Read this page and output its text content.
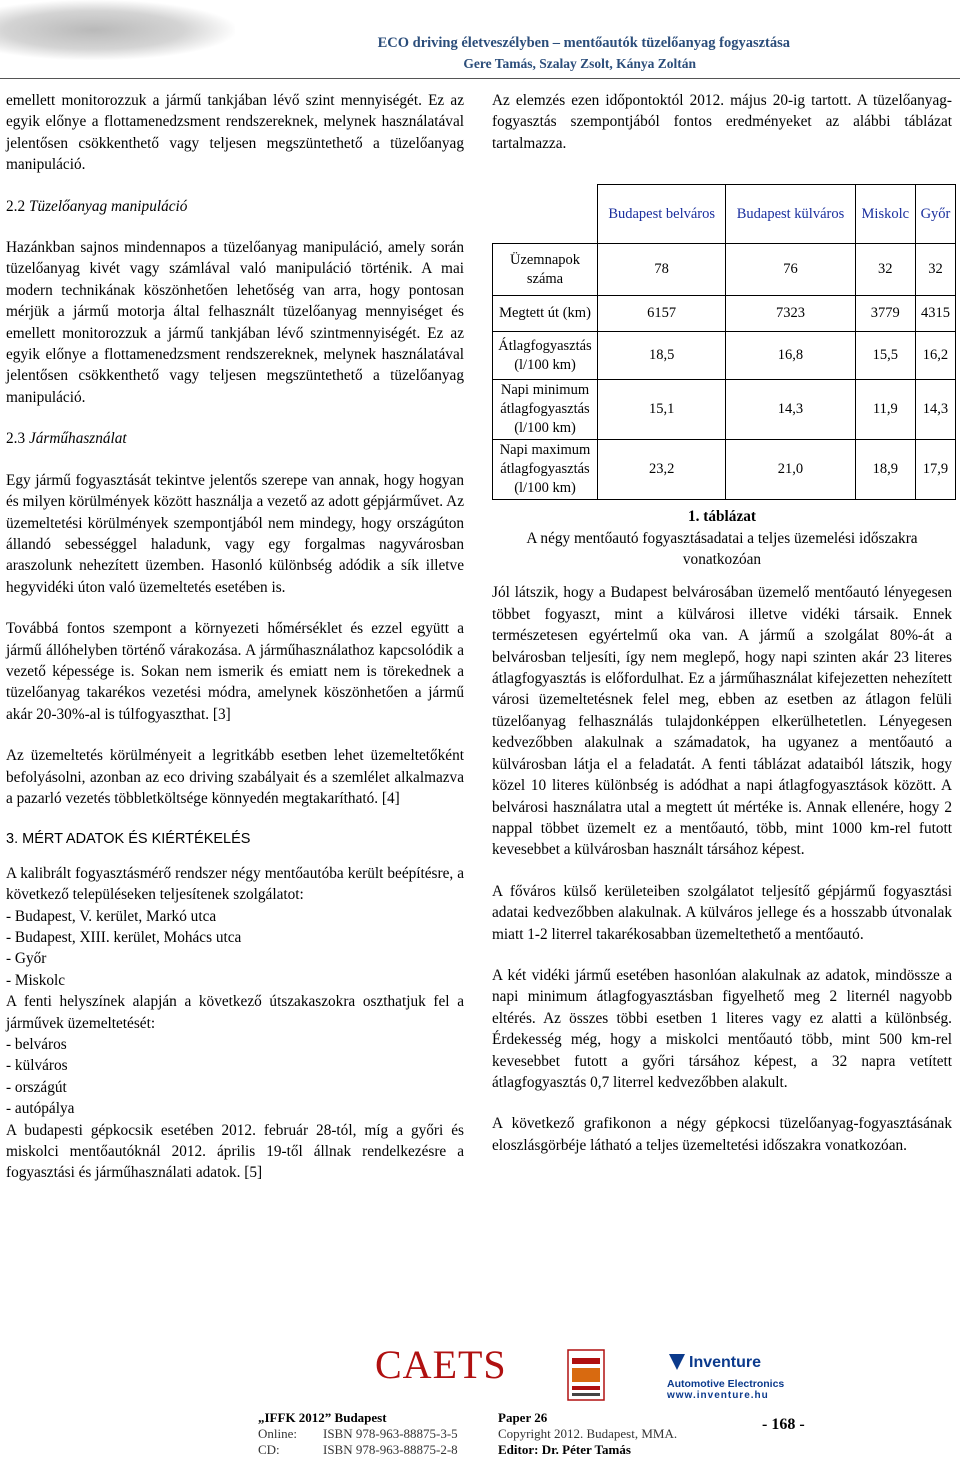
ECO driving életveszélyben – mentőautók tüzelőanyag fogyasztása
Gere Tamás, Szalay Zsolt, Kánya Zoltán

emellett monitorozzuk a jármű tankjában lévő szint mennyiségét. Ez az egyik előnye a flottamenedzsment rendszereknek, melynek használatával jelentősen csökkenthető vagy teljesen megszüntethető a tüzelőanyag manipuláció.

2.2 Tüzelőanyag manipuláció

Hazánkban sajnos mindennapos a tüzelőanyag manipuláció, amely során tüzelőanyag kivét vagy számlával való manipuláció történik. A mai modern technikának köszönhetően lehetőség van arra, hogy pontosan mérjük a jármű motorja által felhasznált tüzelőanyag mennyiséget és emellett monitorozzuk a jármű tankjában lévő szintmennyiségét. Ez az egyik előnye a flottamenedzsment rendszereknek, melynek használatával jelentősen csökkenthető vagy teljesen megszüntethető a tüzelőanyag manipuláció.

2.3 Járműhasználat

Egy jármű fogyasztását tekintve jelentős szerepe van annak, hogy hogyan és milyen körülmények között használja a vezető az adott gépjárművet. Az üzemeltetési körülmények szempontjából nem mindegy, hogy országúton állandó sebességgel haladunk, vagy egy forgalmas nagyvárosban araszolunk nehezített üzemben. Hasonló különbség adódik a sík illetve hegyvidéki úton való üzemeltetés esetében is.

Továbbá fontos szempont a környezeti hőmérséklet és ezzel együtt a jármű állóhelyben történő várakozása. A járműhasználathoz kapcsolódik a vezető képessége is. Sokan nem ismerik és emiatt nem is törekednek a tüzelőanyag takarékos vezetési módra, amelynek köszönhetően a jármű akár 20-30%-al is túlfogyaszthat. [3]

Az üzemeltetés körülményeit a legritkább esetben lehet üzemeltetőként befolyásolni, azonban az eco driving szabályait és a szemlélet alkalmazva a pazarló vezetés többletköltsége könnyedén megtakarítható. [4]

3. MÉRT ADATOK ÉS KIÉRTÉKELÉS

A kalibrált fogyasztásmérő rendszer négy mentőautóba került beépítésre, a következő településeken teljesítenek szolgálatot:

- Budapest, V. kerület, Markó utca

- Budapest, XIII. kerület, Mohács utca

- Győr

- Miskolc

A fenti helyszínek alapján a következő útszakaszokra oszthatjuk fel a járművek üzemeltetését:

- belváros

- külváros

- országút

- autópálya

A budapesti gépkocsik esetében 2012. február 28-tól, míg a győri és miskolci mentőautóknál 2012. április 19-től állnak rendelkezésre a fogyasztási és járműhasználati adatok. [5]

Az elemzés ezen időpontoktól 2012. május 20-ig tartott. A tüzelőanyag-fogyasztás szempontjából fontos eredményeket az alábbi táblázat tartalmazza.

	Budapest belváros	Budapest külváros	Miskolc	Győr
Üzemnapok száma	78	76	32	32
Megtett út (km)	6157	7323	3779	4315
Átlagfogyasztás (l/100 km)	18,5	16,8	15,5	16,2
Napi minimum átlagfogyasztás (l/100 km)	15,1	14,3	11,9	14,3
Napi maximum átlagfogyasztás (l/100 km)	23,2	21,0	18,9	17,9
1. táblázat
A négy mentőautó fogyasztásadatai a teljes üzemelési időszakra vonatkozóan

Jól látszik, hogy a Budapest belvárosában üzemelő mentőautó lényegesen többet fogyaszt, mint a külvárosi illetve vidéki társaik. Ennek természetesen egyértelmű oka van. A jármű a szolgálat 80%-át a belvárosban teljesíti, így nem meglepő, hogy napi szinten akár 23 literes átlagfogyasztás is előfordulhat. Ez a járműhasználat kifejezetten nehezített városi üzemeltetésnek felel meg, ebben az esetben az átlagon felüli tüzelőanyag felhasználás tulajdonképpen elkerülhetetlen. Lényegesen kedvezőbben alakulnak a számadatok, ha ugyanez a mentőautó a külvárosban látja el a feladatát. A fenti táblázat adataiból látszik, hogy közel 10 literes különbség is adódhat a napi átlagfogyasztások között. A belvárosi használatra utal a megtett út mértéke is. Annak ellenére, hogy 2 nappal többet üzemelt ez a mentőautó, több, mint 1000 km-rel futott kevesebbet a külvárosban használt társához képest.

A főváros külső kerületeiben szolgálatot teljesítő gépjármű fogyasztási adatai kedvezőbben alakulnak. A külváros jellege és a hosszabb útvonalak miatt 1-2 literrel takarékosabban üzemeltethető a mentőautó.

A két vidéki jármű esetében hasonlóan alakulnak az adatok, mindössze a napi minimum átlagfogyasztásban figyelhető meg 2 liternél nagyobb eltérés. Az összes többi esetben 1 literes vagy ez alatti a különbség. Érdekesség még, hogy a miskolci mentőautó több, mint 500 km-rel kevesebbet futott a győri társához képest, a 32 napra vetített átlagfogyasztás 0,7 literrel kedvezőbben alakult.

A következő grafikonon a négy gépkocsi tüzelőanyag-fogyasztásának eloszlásgörbéje látható a teljes üzemeltetési időszakra vonatkozóan.

CAETS	Inventure
Automotive Electronics
www.inventure.hu
„IFFK 2012” Budapest	Paper 26
Online: ISBN 978-963-88875-3-5	Copyright 2012. Budapest, MMA.
CD:	ISBN 978-963-88875-2-8	Editor: Dr. Péter Tamás
- 168 -
